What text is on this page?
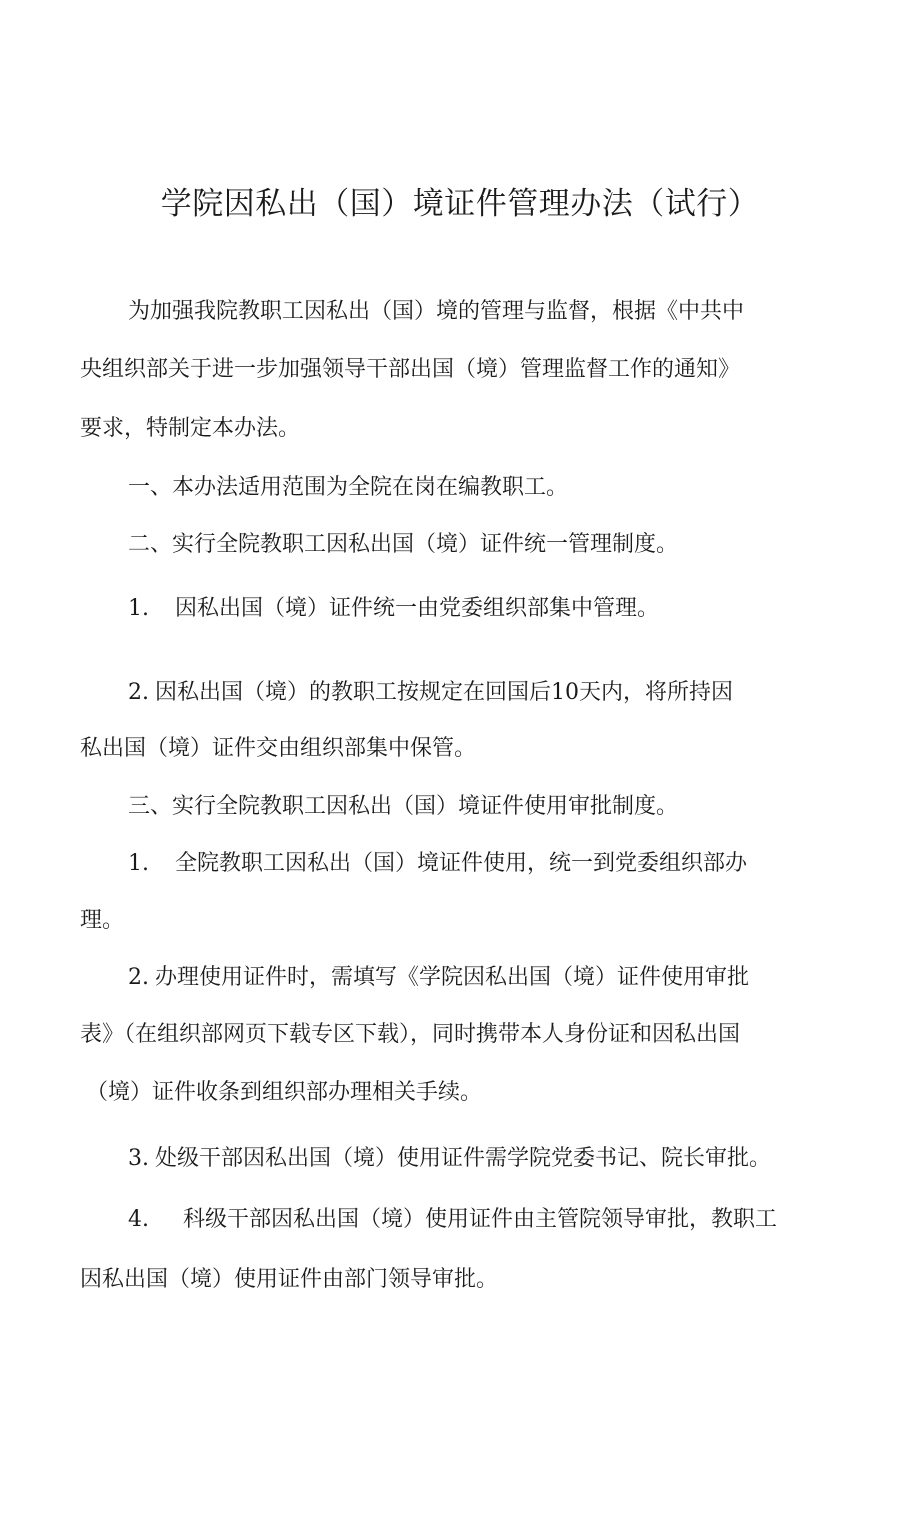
学院因私出（国）境证件管理办法（试行）

为加强我院教职工因私出（国）境的管理与监督，根据《中共中

央组织部关于进一步加强领导干部出国（境）管理监督工作的通知》

要求，特制定本办法。

一、本办法适用范围为全院在岗在编教职工。

二、实行全院教职工因私出国（境）证件统一管理制度。

1. 因私出国（境）证件统一由党委组织部集中管理。

2. 因私出国（境）的教职工按规定在回国后10天内，将所持因

私出国（境）证件交由组织部集中保管。

三、实行全院教职工因私出（国）境证件使用审批制度。

1. 全院教职工因私出（国）境证件使用，统一到党委组织部办

理。

2. 办理使用证件时，需填写《学院因私出国（境）证件使用审批

表》（在组织部网页下载专区下载），同时携带本人身份证和因私出国

（境）证件收条到组织部办理相关手续。

3. 处级干部因私出国（境）使用证件需学院党委书记、院长审批。

4. 科级干部因私出国（境）使用证件由主管院领导审批，教职工

因私出国（境）使用证件由部门领导审批。
